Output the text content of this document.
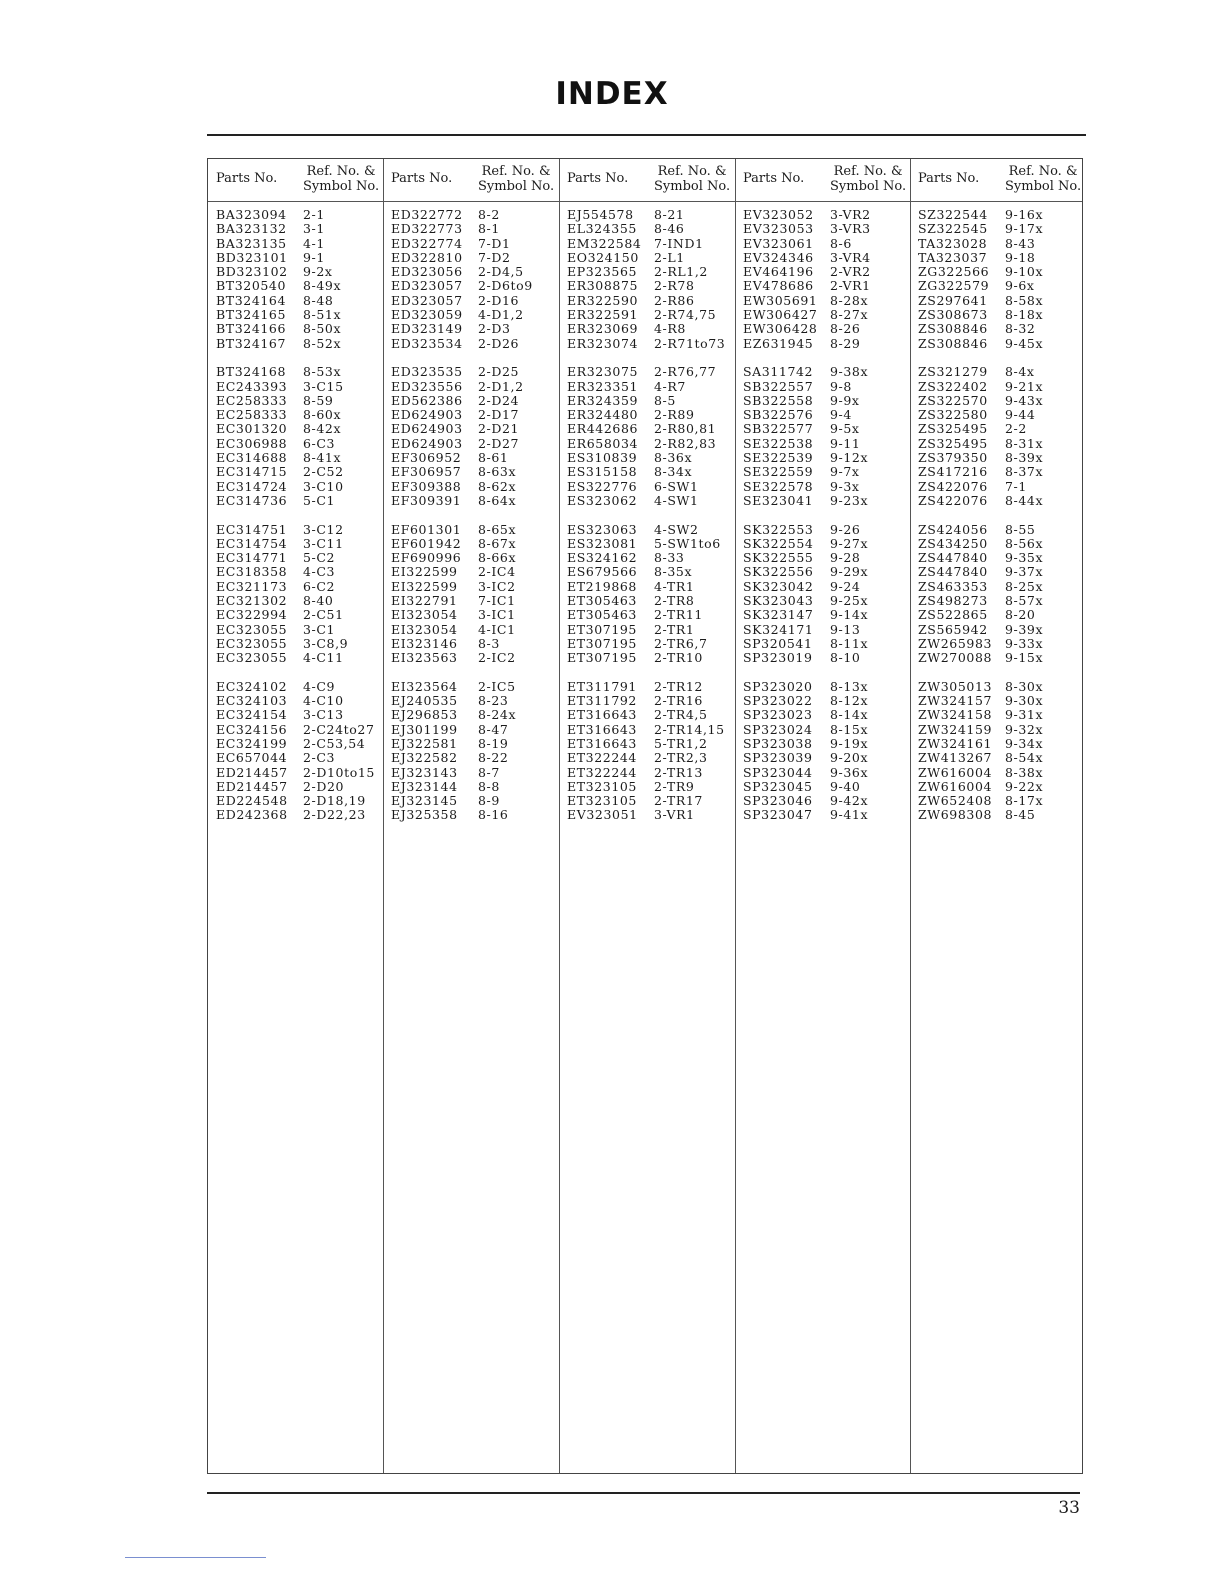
INDEX
Parts No. Ref. No. &
Symbol No.
BA323094 2-1
BA323132 3-1
BA323135 4-1
BD323101 9-1
BD323102 9-2x
BT320540 8-49x
BT324164 8-48
BT324165 8-51x
BT324166 8-50x
BT324167 8-52x
BT324168 8-53x
EC243393 3-C15
EC258333 8-59
EC258333 8-60x
EC301320 8-42x
EC306988 6-C3
EC314688 8-41x
EC314715 2-C52
EC314724 3-C10
EC314736 5-C1
EC314751 3-C12
EC314754 3-C11
EC314771 5-C2
EC318358 4-C3
EC321173 6-C2
EC321302 8-40
EC322994 2-C51
EC323055 3-C1
EC323055 3-C8,9
EC323055 4-C11
EC324102 4-C9
EC324103 4-C10
EC324154 3-C13
EC324156 2-C24to27
EC324199 2-C53,54
EC657044 2-C3
ED214457 2-D10to15
ED214457 2-D20
ED224548 2-D18,19
ED242368 2-D22,23
Parts No. Ref. No. &
Symbol No.
ED322772 8-2
ED322773 8-1
ED322774 7-D1
ED322810 7-D2
ED323056 2-D4,5
ED323057 2-D6to9
ED323057 2-D16
ED323059 4-D1,2
ED323149 2-D3
ED323534 2-D26
ED323535 2-D25
ED323556 2-D1,2
ED562386 2-D24
ED624903 2-D17
ED624903 2-D21
ED624903 2-D27
EF306952 8-61
EF306957 8-63x
EF309388 8-62x
EF309391 8-64x
EF601301 8-65x
EF601942 8-67x
EF690996 8-66x
EI322599 2-IC4
EI322599 3-IC2
EI322791 7-IC1
EI323054 3-IC1
EI323054 4-IC1
EI323146 8-3
EI323563 2-IC2
EI323564 2-IC5
EJ240535 8-23
EJ296853 8-24x
EJ301199 8-47
EJ322581 8-19
EJ322582 8-22
EJ323143 8-7
EJ323144 8-8
EJ323145 8-9
EJ325358 8-16
Parts No. Ref. No. &
Symbol No.
EJ554578 8-21
EL324355 8-46
EM322584 7-IND1
EO324150 2-L1
EP323565 2-RL1,2
ER308875 2-R78
ER322590 2-R86
ER322591 2-R74,75
ER323069 4-R8
ER323074 2-R71to73
ER323075 2-R76,77
ER323351 4-R7
ER324359 8-5
ER324480 2-R89
ER442686 2-R80,81
ER658034 2-R82,83
ES310839 8-36x
ES315158 8-34x
ES322776 6-SW1
ES323062 4-SW1
ES323063 4-SW2
ES323081 5-SW1to6
ES324162 8-33
ES679566 8-35x
ET219868 4-TR1
ET305463 2-TR8
ET305463 2-TR11
ET307195 2-TR1
ET307195 2-TR6,7
ET307195 2-TR10
ET311791 2-TR12
ET311792 2-TR16
ET316643 2-TR4,5
ET316643 2-TR14,15
ET316643 5-TR1,2
ET322244 2-TR2,3
ET322244 2-TR13
ET323105 2-TR9
ET323105 2-TR17
EV323051 3-VR1
Parts No. Ref. No. &
Symbol No.
EV323052 3-VR2
EV323053 3-VR3
EV323061 8-6
EV324346 3-VR4
EV464196 2-VR2
EV478686 2-VR1
EW305691 8-28x
EW306427 8-27x
EW306428 8-26
EZ631945 8-29
SA311742 9-38x
SB322557 9-8
SB322558 9-9x
SB322576 9-4
SB322577 9-5x
SE322538 9-11
SE322539 9-12x
SE322559 9-7x
SE322578 9-3x
SE323041 9-23x
SK322553 9-26
SK322554 9-27x
SK322555 9-28
SK322556 9-29x
SK323042 9-24
SK323043 9-25x
SK323147 9-14x
SK324171 9-13
SP320541 8-11x
SP323019 8-10
SP323020 8-13x
SP323022 8-12x
SP323023 8-14x
SP323024 8-15x
SP323038 9-19x
SP323039 9-20x
SP323044 9-36x
SP323045 9-40
SP323046 9-42x
SP323047 9-41x
Parts No. Ref. No. &
Symbol No.
SZ322544 9-16x
SZ322545 9-17x
TA323028 8-43
TA323037 9-18
ZG322566 9-10x
ZG322579 9-6x
ZS297641 8-58x
ZS308673 8-18x
ZS308846 8-32
ZS308846 9-45x
ZS321279 8-4x
ZS322402 9-21x
ZS322570 9-43x
ZS322580 9-44
ZS325495 2-2
ZS325495 8-31x
ZS379350 8-39x
ZS417216 8-37x
ZS422076 7-1
ZS422076 8-44x
ZS424056 8-55
ZS434250 8-56x
ZS447840 9-35x
ZS447840 9-37x
ZS463353 8-25x
ZS498273 8-57x
ZS522865 8-20
ZS565942 9-39x
ZW265983 9-33x
ZW270088 9-15x
ZW305013 8-30x
ZW324157 9-30x
ZW324158 9-31x
ZW324159 9-32x
ZW324161 9-34x
ZW413267 8-54x
ZW616004 8-38x
ZW616004 9-22x
ZW652408 8-17x
ZW698308 8-45
33
